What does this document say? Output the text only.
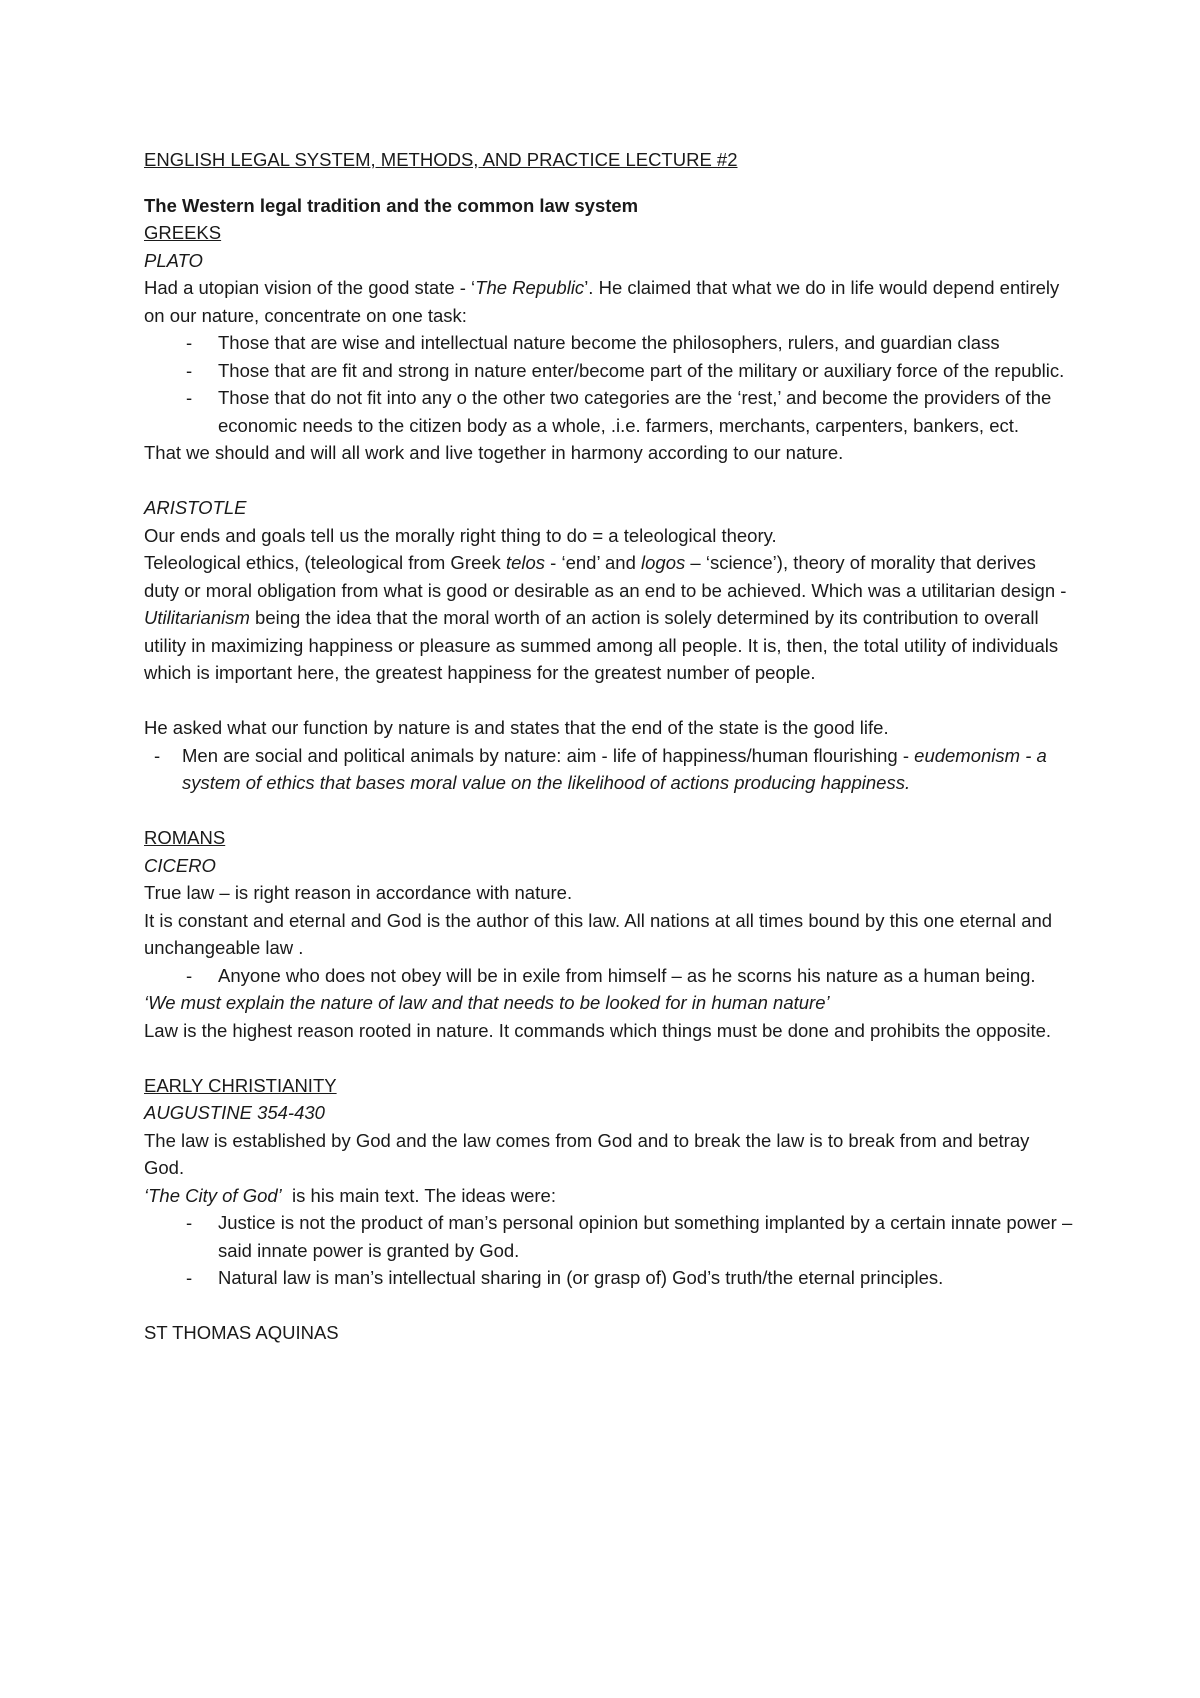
ENGLISH LEGAL SYSTEM, METHODS, AND PRACTICE LECTURE #2

The Western legal tradition and the common law system

GREEKS

PLATO

Had a utopian vision of the good state - ‘The Republic’. He claimed that what we do in life would depend entirely on our nature, concentrate on one task:

- Those that are wise and intellectual nature become the philosophers, rulers, and guardian class
- Those that are fit and strong in nature enter/become part of the military or auxiliary force of the republic.
- Those that do not fit into any o the other two categories are the ‘rest,’ and become the providers of the economic needs to the citizen body as a whole, .i.e. farmers, merchants, carpenters, bankers, ect.

That we should and will all work and live together in harmony according to our nature.

ARISTOTLE

Our ends and goals tell us the morally right thing to do = a teleological theory.

Teleological ethics, (teleological from Greek telos - ‘end’ and logos – ‘science’), theory of morality that derives duty or moral obligation from what is good or desirable as an end to be achieved. Which was a utilitarian design - Utilitarianism being the idea that the moral worth of an action is solely determined by its contribution to overall utility in maximizing happiness or pleasure as summed among all people. It is, then, the total utility of individuals which is important here, the greatest happiness for the greatest number of people.

He asked what our function by nature is and states that the end of the state is the good life.

- Men are social and political animals by nature: aim - life of happiness/human flourishing - eudemonism - a system of ethics that bases moral value on the likelihood of actions producing happiness.

ROMANS

CICERO

True law – is right reason in accordance with nature.

It is constant and eternal and God is the author of this law. All nations at all times bound by this one eternal and unchangeable law .

- Anyone who does not obey will be in exile from himself – as he scorns his nature as a human being.

‘We must explain the nature of law and that needs to be looked for in human nature’

Law is the highest reason rooted in nature. It commands which things must be done and prohibits the opposite.

EARLY CHRISTIANITY

AUGUSTINE 354-430

The law is established by God and the law comes from God and to break the law is to break from and betray God.

‘The City of God’  is his main text. The ideas were:

- Justice is not the product of man’s personal opinion but something implanted by a certain innate power – said innate power is granted by God.
- Natural law is man’s intellectual sharing in (or grasp of) God’s truth/the eternal principles.

ST THOMAS AQUINAS
